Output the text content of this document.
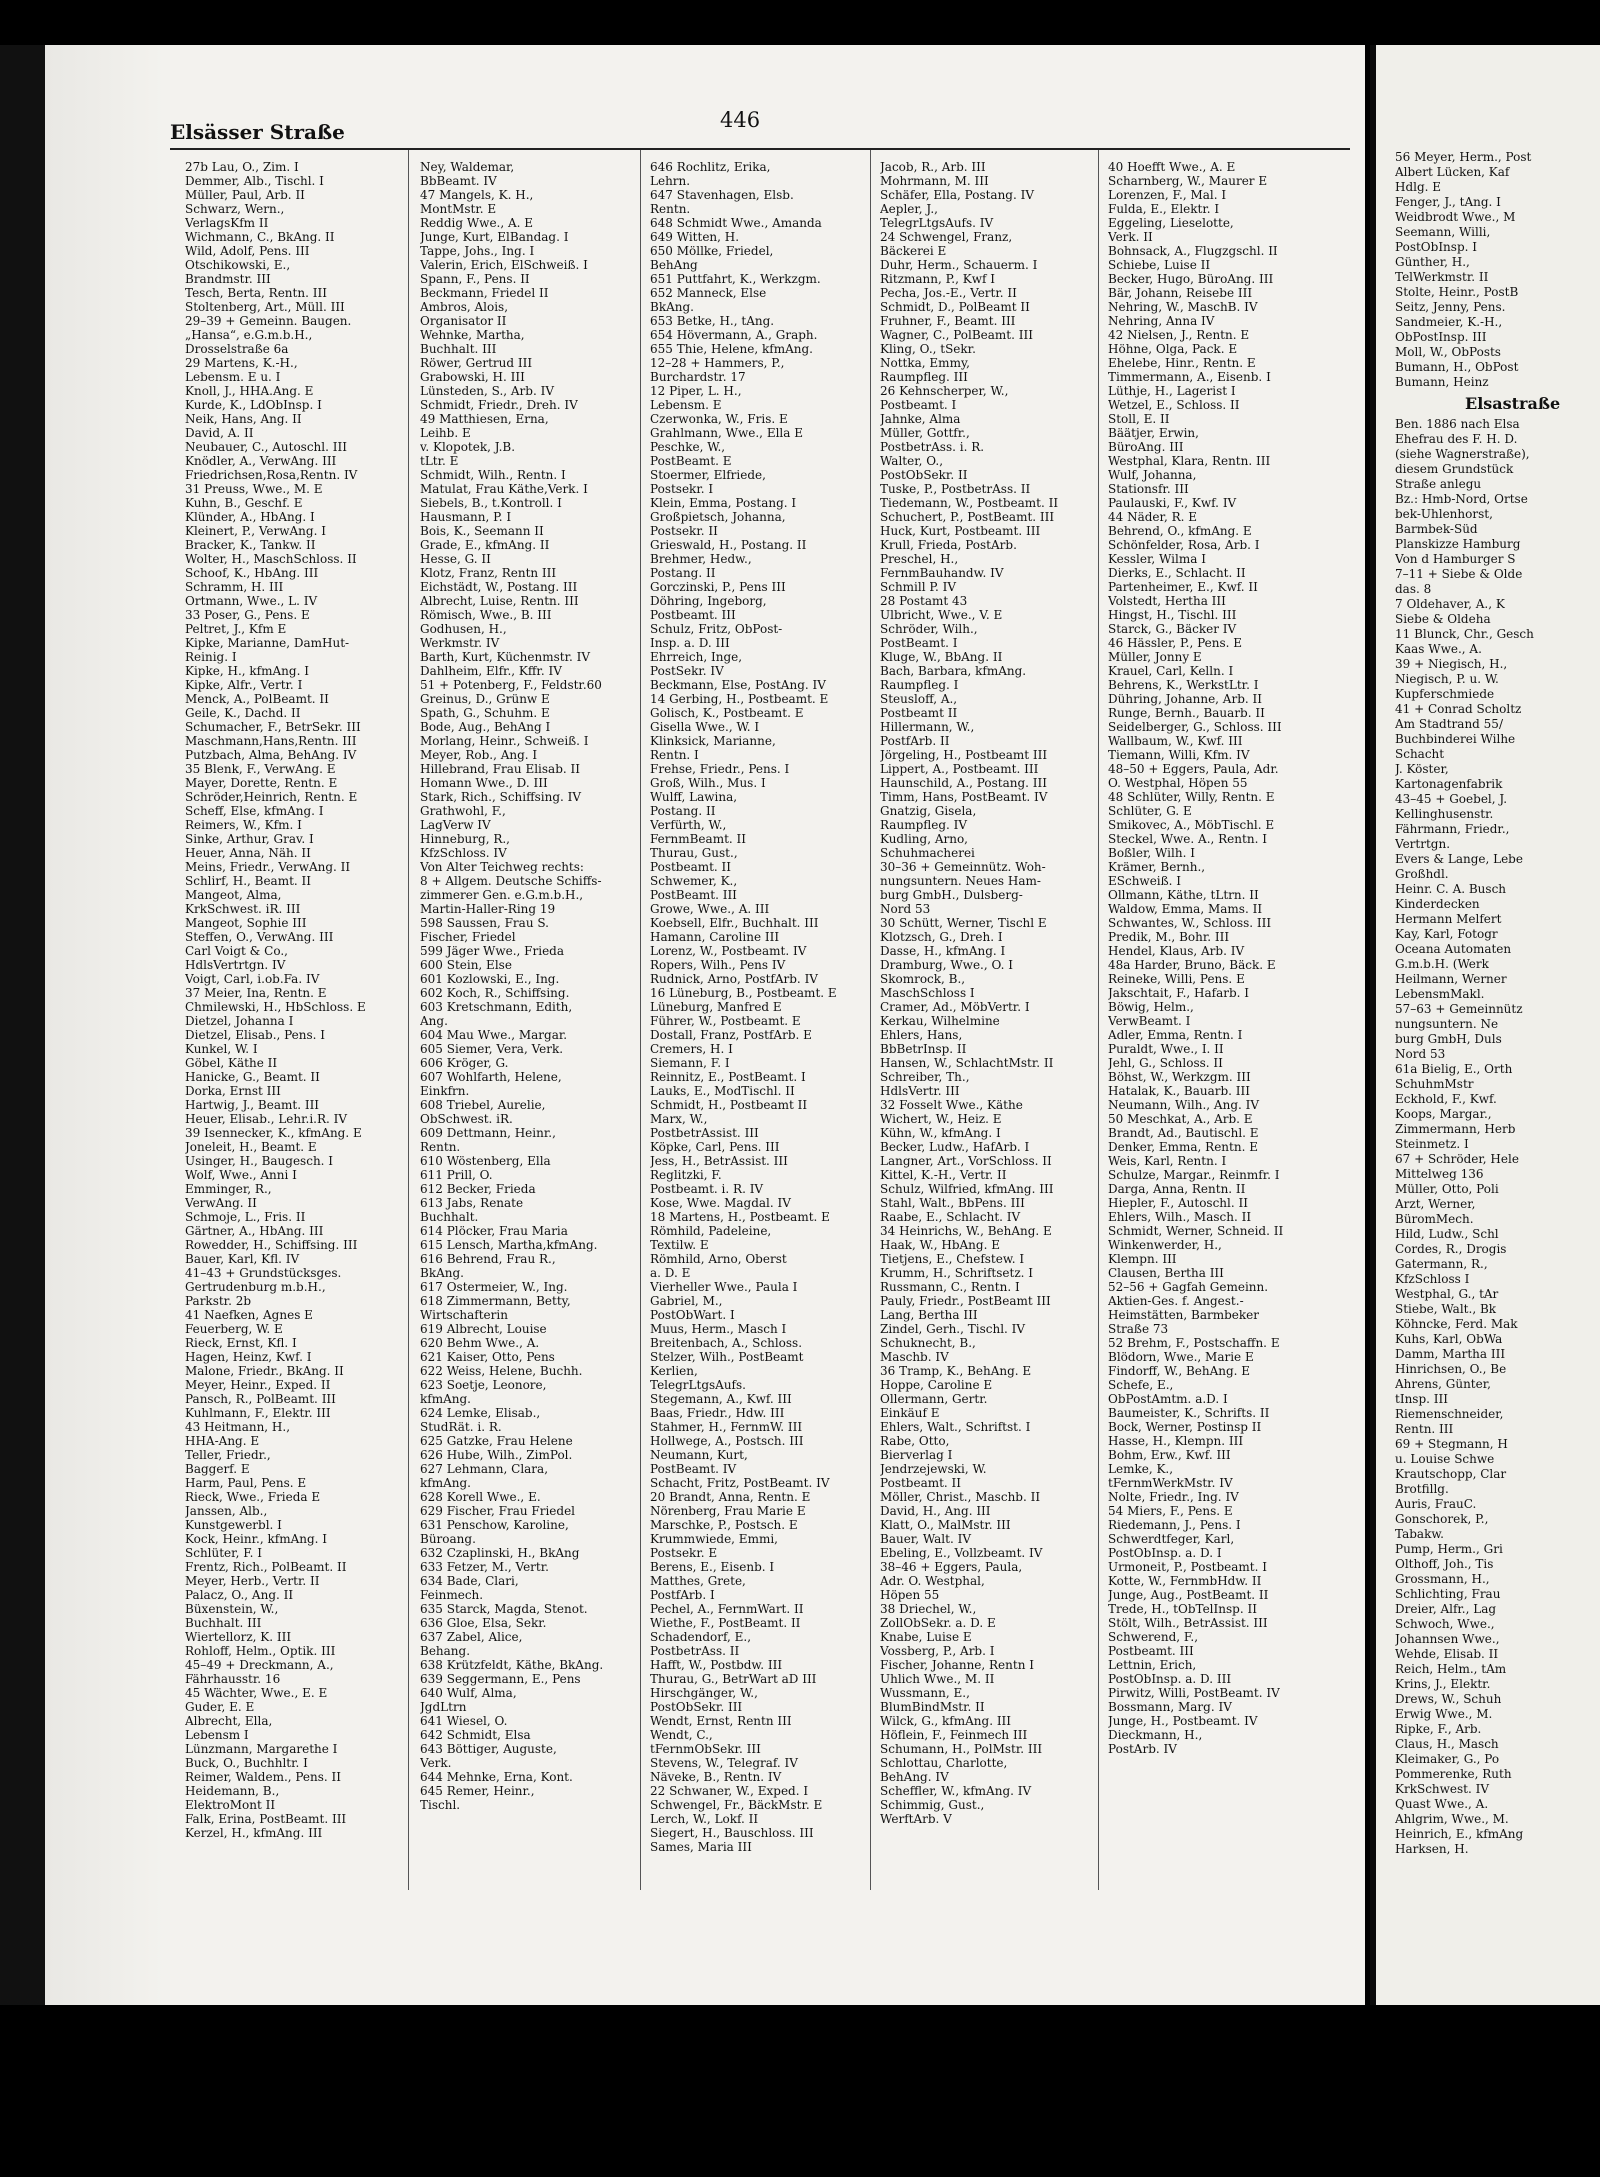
Elsässer Straße	446
27b Lau, O., Zim. I
Demmer, Alb., Tischl. I
Müller, Paul, Arb. II
Schwarz, Wern.,
VerlagsKfm II
Wichmann, C., BkAng. II
Wild, Adolf, Pens. III
Otschikowski, E.,
Brandmstr. III
Tesch, Berta, Rentn. III
Stoltenberg, Art., Müll. III
29–39 + Gemeinn. Baugen.
„Hansa“, e.G.m.b.H.,
Drosselstraße 6a
29 Martens, K.-H.,
Lebensm. E u. I
Knoll, J., HHA.Ang. E
Kurde, K., LdObInsp. I
Neik, Hans, Ang. II
David, A. II
Neubauer, C., Autoschl. III
Knödler, A., VerwAng. III
Friedrichsen,Rosa,Rentn. IV
31 Preuss, Wwe., M. E
Kuhn, B., Geschf. E
Klünder, A., HbAng. I
Kleinert, P., VerwAng. I
Bracker, K., Tankw. II
Wolter, H., MaschSchloss. II
Schoof, K., HbAng. III
Schramm, H. III
Ortmann, Wwe., L. IV
33 Poser, G., Pens. E
Peltret, J., Kfm E
Kipke, Marianne, DamHut-
Reinig. I
Kipke, H., kfmAng. I
Kipke, Alfr., Vertr. I
Menck, A., PolBeamt. II
Geile, K., Dachd. II
Schumacher, F., BetrSekr. III
Maschmann,Hans,Rentn. III
Putzbach, Alma, BehAng. IV
35 Blenk, F., VerwAng. E
Mayer, Dorette, Rentn. E
Schröder,Heinrich, Rentn. E
Scheff, Else, kfmAng. I
Reimers, W., Kfm. I
Sinke, Arthur, Grav. I
Heuer, Anna, Näh. II
Meins, Friedr., VerwAng. II
Schlirf, H., Beamt. II
Mangeot, Alma,
KrkSchwest. iR. III
Mangeot, Sophie III
Steffen, O., VerwAng. III
Carl Voigt & Co.,
HdlsVertrtgn. IV
Voigt, Carl, i.ob.Fa. IV
37 Meier, Ina, Rentn. E
Chmilewski, H., HbSchloss. E
Dietzel, Johanna I
Dietzel, Elisab., Pens. I
Kunkel, W. I
Göbel, Käthe II
Hanicke, G., Beamt. II
Dorka, Ernst III
Hartwig, J., Beamt. III
Heuer, Elisab., Lehr.i.R. IV
39 Isennecker, K., kfmAng. E
Joneleit, H., Beamt. E
Usinger, H., Baugesch. I
Wolf, Wwe., Anni I
Emminger, R.,
VerwAng. II
Schmoje, L., Fris. II
Gärtner, A., HbAng. III
Rowedder, H., Schiffsing. III
Bauer, Karl, Kfl. IV
41–43 + Grundstücksges.
Gertrudenburg m.b.H.,
Parkstr. 2b
41 Naefken, Agnes E
Feuerberg, W. E
Rieck, Ernst, Kfl. I
Hagen, Heinz, Kwf. I
Malone, Friedr., BkAng. II
Meyer, Heinr., Exped. II
Pansch, R., PolBeamt. III
Kuhlmann, F., Elektr. III
43 Heitmann, H.,
HHA-Ang. E
Teller, Friedr.,
Baggerf. E
Harm, Paul, Pens. E
Rieck, Wwe., Frieda E
Janssen, Alb.,
Kunstgewerbl. I
Kock, Heinr., kfmAng. I
Schlüter, F. I
Frentz, Rich., PolBeamt. II
Meyer, Herb., Vertr. II
Palacz, O., Ang. II
Büxenstein, W.,
Buchhalt. III
Wiertellorz, K. III
Rohloff, Helm., Optik. III
45–49 + Dreckmann, A.,
Fährhausstr. 16
45 Wächter, Wwe., E. E
Guder, E. E
Albrecht, Ella,
Lebensm I
Lünzmann, Margarethe I
Buck, O., Buchhltr. I
Reimer, Waldem., Pens. II
Heidemann, B.,
ElektroMont II
Falk, Erina, PostBeamt. III
Kerzel, H., kfmAng. III
Ney, Waldemar,
BbBeamt. IV
47 Mangels, K. H.,
MontMstr. E
Reddig Wwe., A. E
Junge, Kurt, ElBandag. I
Tappe, Johs., Ing. I
Valerin, Erich, ElSchweiß. I
Spann, F., Pens. II
Beckmann, Friedel II
Ambros, Alois,
Organisator II
Wehnke, Martha,
Buchhalt. III
Röwer, Gertrud III
Grabowski, H. III
Lünsteden, S., Arb. IV
Schmidt, Friedr., Dreh. IV
49 Matthiesen, Erna,
Leihb. E
v. Klopotek, J.B.
tLtr. E
Schmidt, Wilh., Rentn. I
Matulat, Frau Käthe,Verk. I
Siebels, B., t.Kontroll. I
Hausmann, P. I
Bois, K., Seemann II
Grade, E., kfmAng. II
Hesse, G. II
Klotz, Franz, Rentn III
Eichstädt, W., Postang. III
Albrecht, Luise, Rentn. III
Römisch, Wwe., B. III
Godhusen, H.,
Werkmstr. IV
Barth, Kurt, Küchenmstr. IV
Dahlheim, Elfr., Kffr. IV
51 + Potenberg, F., Feldstr.60
Greinus, D., Grünw E
Spath, G., Schuhm. E
Bode, Aug., BehAng I
Morlang, Heinr., Schweiß. I
Meyer, Rob., Ang. I
Hillebrand, Frau Elisab. II
Homann Wwe., D. III
Stark, Rich., Schiffsing. IV
Grathwohl, F.,
LagVerw IV
Hinneburg, R.,
KfzSchloss. IV
Von Alter Teichweg rechts:
8 + Allgem. Deutsche Schiffs-
zimmerer Gen. e.G.m.b.H.,
Martin-Haller-Ring 19
598 Saussen, Frau S.
Fischer, Friedel
599 Jäger Wwe., Frieda
600 Stein, Else
601 Kozlowski, E., Ing.
602 Koch, R., Schiffsing.
603 Kretschmann, Edith,
Ang.
604 Mau Wwe., Margar.
605 Siemer, Vera, Verk.
606 Kröger, G.
607 Wohlfarth, Helene,
Einkfrn.
608 Triebel, Aurelie,
ObSchwest. iR.
609 Dettmann, Heinr.,
Rentn.
610 Wöstenberg, Ella
611 Prill, O.
612 Becker, Frieda
613 Jabs, Renate
Buchhalt.
614 Plöcker, Frau Maria
615 Lensch, Martha,kfmAng.
616 Behrend, Frau R.,
BkAng.
617 Ostermeier, W., Ing.
618 Zimmermann, Betty,
Wirtschafterin
619 Albrecht, Louise
620 Behm Wwe., A.
621 Kaiser, Otto, Pens
622 Weiss, Helene, Buchh.
623 Soetje, Leonore,
kfmAng.
624 Lemke, Elisab.,
StudRät. i. R.
625 Gatzke, Frau Helene
626 Hube, Wilh., ZimPol.
627 Lehmann, Clara,
kfmAng.
628 Korell Wwe., E.
629 Fischer, Frau Friedel
631 Penschow, Karoline,
Büroang.
632 Czaplinski, H., BkAng
633 Fetzer, M., Vertr.
634 Bade, Clari,
Feinmech.
635 Starck, Magda, Stenot.
636 Gloe, Elsa, Sekr.
637 Zabel, Alice,
Behang.
638 Krützfeldt, Käthe, BkAng.
639 Seggermann, E., Pens
640 Wulf, Alma,
JgdLtrn
641 Wiesel, O.
642 Schmidt, Elsa
643 Böttiger, Auguste,
Verk.
644 Mehnke, Erna, Kont.
645 Remer, Heinr.,
Tischl.
646 Rochlitz, Erika,
Lehrn.
647 Stavenhagen, Elsb.
Rentn.
648 Schmidt Wwe., Amanda
649 Witten, H.
650 Möllke, Friedel,
BehAng
651 Puttfahrt, K., Werkzgm.
652 Manneck, Else
BkAng.
653 Betke, H., tAng.
654 Hövermann, A., Graph.
655 Thie, Helene, kfmAng.
12–28 + Hammers, P.,
Burchardstr. 17
12 Piper, L. H.,
Lebensm. E
Czerwonka, W., Fris. E
Grahlmann, Wwe., Ella E
Peschke, W.,
PostBeamt. E
Stoermer, Elfriede,
Postsekr. I
Klein, Emma, Postang. I
Großpietsch, Johanna,
Postsekr. II
Grieswald, H., Postang. II
Brehmer, Hedw.,
Postang. II
Gorczinski, P., Pens III
Döhring, Ingeborg,
Postbeamt. III
Schulz, Fritz, ObPost-
Insp. a. D. III
Ehrreich, Inge,
PostSekr. IV
Beckmann, Else, PostAng. IV
14 Gerbing, H., Postbeamt. E
Golisch, K., Postbeamt. E
Gisella Wwe., W. I
Klinksick, Marianne,
Rentn. I
Frehse, Friedr., Pens. I
Groß, Wilh., Mus. I
Wulff, Lawina,
Postang. II
Verfürth, W.,
FernmBeamt. II
Thurau, Gust.,
Postbeamt. II
Schwemer, K.,
PostBeamt. III
Growe, Wwe., A. III
Koebsell, Elfr., Buchhalt. III
Hamann, Caroline III
Lorenz, W., Postbeamt. IV
Ropers, Wilh., Pens IV
Rudnick, Arno, PostfArb. IV
16 Lüneburg, B., Postbeamt. E
Lüneburg, Manfred E
Führer, W., Postbeamt. E
Dostall, Franz, PostfArb. E
Cremers, H. I
Siemann, F. I
Reinnitz, E., PostBeamt. I
Lauks, E., ModTischl. II
Schmidt, H., Postbeamt II
Marx, W.,
PostbetrAssist. III
Köpke, Carl, Pens. III
Jess, H., BetrAssist. III
Reglitzki, F.
Postbeamt. i. R. IV
Kose, Wwe. Magdal. IV
18 Martens, H., Postbeamt. E
Römhild, Padeleine,
Textilw. E
Römhild, Arno, Oberst
a. D. E
Vierheller Wwe., Paula I
Gabriel, M.,
PostObWart. I
Muus, Herm., Masch I
Breitenbach, A., Schloss.
Stelzer, Wilh., PostBeamt
Kerlien,
TelegrLtgsAufs.
Stegemann, A., Kwf. III
Baas, Friedr., Hdw. III
Stahmer, H., FernmW. III
Hollwege, A., Postsch. III
Neumann, Kurt,
PostBeamt. IV
Schacht, Fritz, PostBeamt. IV
20 Brandt, Anna, Rentn. E
Nörenberg, Frau Marie E
Marschke, P., Postsch. E
Krummwiede, Emmi,
Postsekr. E
Berens, E., Eisenb. I
Matthes, Grete,
PostfArb. I
Pechel, A., FernmWart. II
Wiethe, F., PostBeamt. II
Schadendorf, E.,
PostbetrAss. II
Hafft, W., Postbdw. III
Thurau, G., BetrWart aD III
Hirschgänger, W.,
PostObSekr. III
Wendt, Ernst, Rentn III
Wendt, C.,
tFernmObSekr. III
Stevens, W., Telegraf. IV
Näveke, B., Rentn. IV
22 Schwaner, W., Exped. I
Schwengel, Fr., BäckMstr. E
Lerch, W., Lokf. II
Siegert, H., Bauschloss. III
Sames, Maria III
Jacob, R., Arb. III
Mohrmann, M. III
Schäfer, Ella, Postang. IV
Aepler, J.,
TelegrLtgsAufs. IV
24 Schwengel, Franz,
Bäckerei E
Duhr, Herm., Schauerm. I
Ritzmann, P., Kwf I
Pecha, Jos.-E., Vertr. II
Schmidt, D., PolBeamt II
Fruhner, F., Beamt. III
Wagner, C., PolBeamt. III
Kling, O., tSekr.
Nottka, Emmy,
Raumpfleg. III
26 Kehnscherper, W.,
Postbeamt. I
Jahnke, Alma
Müller, Gottfr.,
PostbetrAss. i. R.
Walter, O.,
PostObSekr. II
Tuske, P., PostbetrAss. II
Tiedemann, W., Postbeamt. II
Schuchert, P., PostBeamt. III
Huck, Kurt, Postbeamt. III
Krull, Frieda, PostArb.
Preschel, H.,
FernmBauhandw. IV
Schmill P. IV
28 Postamt 43
Ulbricht, Wwe., V. E
Schröder, Wilh.,
PostBeamt. I
Kluge, W., BbAng. II
Bach, Barbara, kfmAng.
Raumpfleg. I
Steusloff, A.,
Postbeamt II
Hillermann, W.,
PostfArb. II
Jörgeling, H., Postbeamt III
Lippert, A., Postbeamt. III
Haunschild, A., Postang. III
Timm, Hans, PostBeamt. IV
Gnatzig, Gisela,
Raumpfleg. IV
Kudling, Arno,
Schuhmacherei
30–36 + Gemeinnütz. Woh-
nungsuntern. Neues Ham-
burg GmbH., Dulsberg-
Nord 53
30 Schütt, Werner, Tischl E
Klotzsch, G., Dreh. I
Dasse, H., kfmAng. I
Dramburg, Wwe., O. I
Skomrock, B.,
MaschSchloss I
Cramer, Ad., MöbVertr. I
Kerkau, Wilhelmine
Ehlers, Hans,
BbBetrInsp. II
Hansen, W., SchlachtMstr. II
Schreiber, Th.,
HdlsVertr. III
32 Fosselt Wwe., Käthe
Wichert, W., Heiz. E
Kühn, W., kfmAng. I
Becker, Ludw., HafArb. I
Langner, Art., VorSchloss. II
Kittel, K.-H., Vertr. II
Schulz, Wilfried, kfmAng. III
Stahl, Walt., BbPens. III
Raabe, E., Schlacht. IV
34 Heinrichs, W., BehAng. E
Haak, W., HbAng. E
Tietjens, E., Chefstew. I
Krumm, H., Schriftsetz. I
Russmann, C., Rentn. I
Pauly, Friedr., PostBeamt III
Lang, Bertha III
Zindel, Gerh., Tischl. IV
Schuknecht, B.,
Maschb. IV
36 Tramp, K., BehAng. E
Hoppe, Caroline E
Ollermann, Gertr.
Einkäuf E
Ehlers, Walt., Schriftst. I
Rabe, Otto,
Bierverlag I
Jendrzejewski, W.
Postbeamt. II
Möller, Christ., Maschb. II
David, H., Ang. III
Klatt, O., MalMstr. III
Bauer, Walt. IV
Ebeling, E., Vollzbeamt. IV
38–46 + Eggers, Paula,
Adr. O. Westphal,
Höpen 55
38 Driechel, W.,
ZollObSekr. a. D. E
Knabe, Luise E
Vossberg, P., Arb. I
Fischer, Johanne, Rentn I
Uhlich Wwe., M. II
Wussmann, E.,
BlumBindMstr. II
Wilck, G., kfmAng. III
Höflein, F., Feinmech III
Schumann, H., PolMstr. III
Schlottau, Charlotte,
BehAng. IV
Scheffler, W., kfmAng. IV
Schimmig, Gust.,
WerftArb. V
40 Hoefft Wwe., A. E
Scharnberg, W., Maurer E
Lorenzen, F., Mal. I
Fulda, E., Elektr. I
Eggeling, Lieselotte,
Verk. II
Bohnsack, A., Flugzgschl. II
Schiebe, Luise II
Becker, Hugo, BüroAng. III
Bär, Johann, Reisebe III
Nehring, W., MaschB. IV
Nehring, Anna IV
42 Nielsen, J., Rentn. E
Höhne, Olga, Pack. E
Ehelebe, Hinr., Rentn. E
Timmermann, A., Eisenb. I
Lüthje, H., Lagerist I
Wetzel, E., Schloss. II
Stoll, E. II
Bäätjer, Erwin,
BüroAng. III
Westphal, Klara, Rentn. III
Wulf, Johanna,
Stationsfr. III
Paulauski, F., Kwf. IV
44 Näder, R. E
Behrend, O., kfmAng. E
Schönfelder, Rosa, Arb. I
Kessler, Wilma I
Dierks, E., Schlacht. II
Partenheimer, E., Kwf. II
Volstedt, Hertha III
Hingst, H., Tischl. III
Starck, G., Bäcker IV
46 Hässler, P., Pens. E
Müller, Jonny E
Krauel, Carl, Kelln. I
Behrens, K., WerkstLtr. I
Dühring, Johanne, Arb. II
Runge, Bernh., Bauarb. II
Seidelberger, G., Schloss. III
Wallbaum, W., Kwf. III
Tiemann, Willi, Kfm. IV
48–50 + Eggers, Paula, Adr.
O. Westphal, Höpen 55
48 Schlüter, Willy, Rentn. E
Schlüter, G. E
Smikovec, A., MöbTischl. E
Steckel, Wwe. A., Rentn. I
Boßler, Wilh. I
Krämer, Bernh.,
ESchweiß. I
Ollmann, Käthe, tLtrn. II
Waldow, Emma, Mams. II
Schwantes, W., Schloss. III
Predik, M., Bohr. III
Hendel, Klaus, Arb. IV
48a Harder, Bruno, Bäck. E
Reineke, Willi, Pens. E
Jakschtait, F., Hafarb. I
Böwig, Helm.,
VerwBeamt. I
Adler, Emma, Rentn. I
Puraldt, Wwe., I. II
Jehl, G., Schloss. II
Böhst, W., Werkzgm. III
Hatalak, K., Bauarb. III
Neumann, Wilh., Ang. IV
50 Meschkat, A., Arb. E
Brandt, Ad., Bautischl. E
Denker, Emma, Rentn. E
Weis, Karl, Rentn. I
Schulze, Margar., Reinmfr. I
Darga, Anna, Rentn. II
Hiepler, F., Autoschl. II
Ehlers, Wilh., Masch. II
Schmidt, Werner, Schneid. II
Winkenwerder, H.,
Klempn. III
Clausen, Bertha III
52–56 + Gagfah Gemeinn.
Aktien-Ges. f. Angest.-
Heimstätten, Barmbeker
Straße 73
52 Brehm, F., Postschaffn. E
Blödorn, Wwe., Marie E
Findorff, W., BehAng. E
Schefe, E.,
ObPostAmtm. a.D. I
Baumeister, K., Schrifts. II
Bock, Werner, Postinsp II
Hasse, H., Klempn. III
Bohm, Erw., Kwf. III
Lemke, K.,
tFernmWerkMstr. IV
Nolte, Friedr., Ing. IV
54 Miers, F., Pens. E
Riedemann, J., Pens. I
Schwerdtfeger, Karl,
PostObInsp. a. D. I
Urmoneit, P., Postbeamt. I
Kotte, W., FernmbHdw. II
Junge, Aug., PostBeamt. II
Trede, H., tObTelInsp. II
Stölt, Wilh., BetrAssist. III
Schwerend, F.,
Postbeamt. III
Lettnin, Erich,
PostObInsp. a. D. III
Pirwitz, Willi, PostBeamt. IV
Bossmann, Marg. IV
Junge, H., Postbeamt. IV
Dieckmann, H.,
PostArb. IV
56 Meyer, Herm., Post
Albert Lücken, Kaf
Hdlg. E
Fenger, J., tAng. I
Weidbrodt Wwe., M
Seemann, Willi,
PostObInsp. I
Günther, H.,
TelWerkmstr. II
Stolte, Heinr., PostB
Seitz, Jenny, Pens.
Sandmeier, K.-H.,
ObPostInsp. III
Moll, W., ObPosts
Bumann, H., ObPost
Bumann, Heinz
Elsastraße
Ben. 1886 nach Elsa
Ehefrau des F. H. D.
(siehe Wagnerstraße),
diesem Grundstück
Straße anlegu
Bz.: Hmb-Nord, Ortse
bek-Uhlenhorst,
Barmbek-Süd
Planskizze Hamburg
Von d Hamburger S
7–11 + Siebe & Olde
das. 8
7 Oldehaver, A., K
Siebe & Oldeha
11 Blunck, Chr., Gesch
Kaas Wwe., A.
39 + Niegisch, H.,
Niegisch, P. u. W.
Kupferschmiede
41 + Conrad Scholtz
Am Stadtrand 55/
Buchbinderei Wilhe
Schacht
J. Köster,
Kartonagenfabrik
43–45 + Goebel, J.
Kellinghusenstr.
Fährmann, Friedr.,
Vertrtgn.
Evers & Lange, Lebe
Großhdl.
Heinr. C. A. Busch
Kinderdecken
Hermann Melfert
Kay, Karl, Fotogr
Oceana Automaten
G.m.b.H. (Werk
Heilmann, Werner
LebensmMakl.
57–63 + Gemeinnütz
nungsuntern. Ne
burg GmbH, Duls
Nord 53
61a Bielig, E., Orth
SchuhmMstr
Eckhold, F., Kwf.
Koops, Margar.,
Zimmermann, Herb
Steinmetz. I
67 + Schröder, Hele
Mittelweg 136
Müller, Otto, Poli
Arzt, Werner,
BüromMech.
Hild, Ludw., Schl
Cordes, R., Drogis
Gatermann, R.,
KfzSchloss I
Westphal, G., tAr
Stiebe, Walt., Bk
Köhncke, Ferd. Mak
Kuhs, Karl, ObWa
Damm, Martha III
Hinrichsen, O., Be
Ahrens, Günter,
tInsp. III
Riemenschneider,
Rentn. III
69 + Stegmann, H
u. Louise Schwe
Krautschopp, Clar
Brotfillg.
Auris, FrauC.
Gonschorek, P.,
Tabakw.
Pump, Herm., Gri
Olthoff, Joh., Tis
Grossmann, H.,
Schlichting, Frau
Dreier, Alfr., Lag
Schwoch, Wwe.,
Johannsen Wwe.,
Wehde, Elisab. II
Reich, Helm., tAm
Krins, J., Elektr.
Drews, W., Schuh
Erwig Wwe., M.
Ripke, F., Arb.
Claus, H., Masch
Kleimaker, G., Po
Pommerenke, Ruth
KrkSchwest. IV
Quast Wwe., A.
Ahlgrim, Wwe., M.
Heinrich, E., kfmAng
Harksen, H.
